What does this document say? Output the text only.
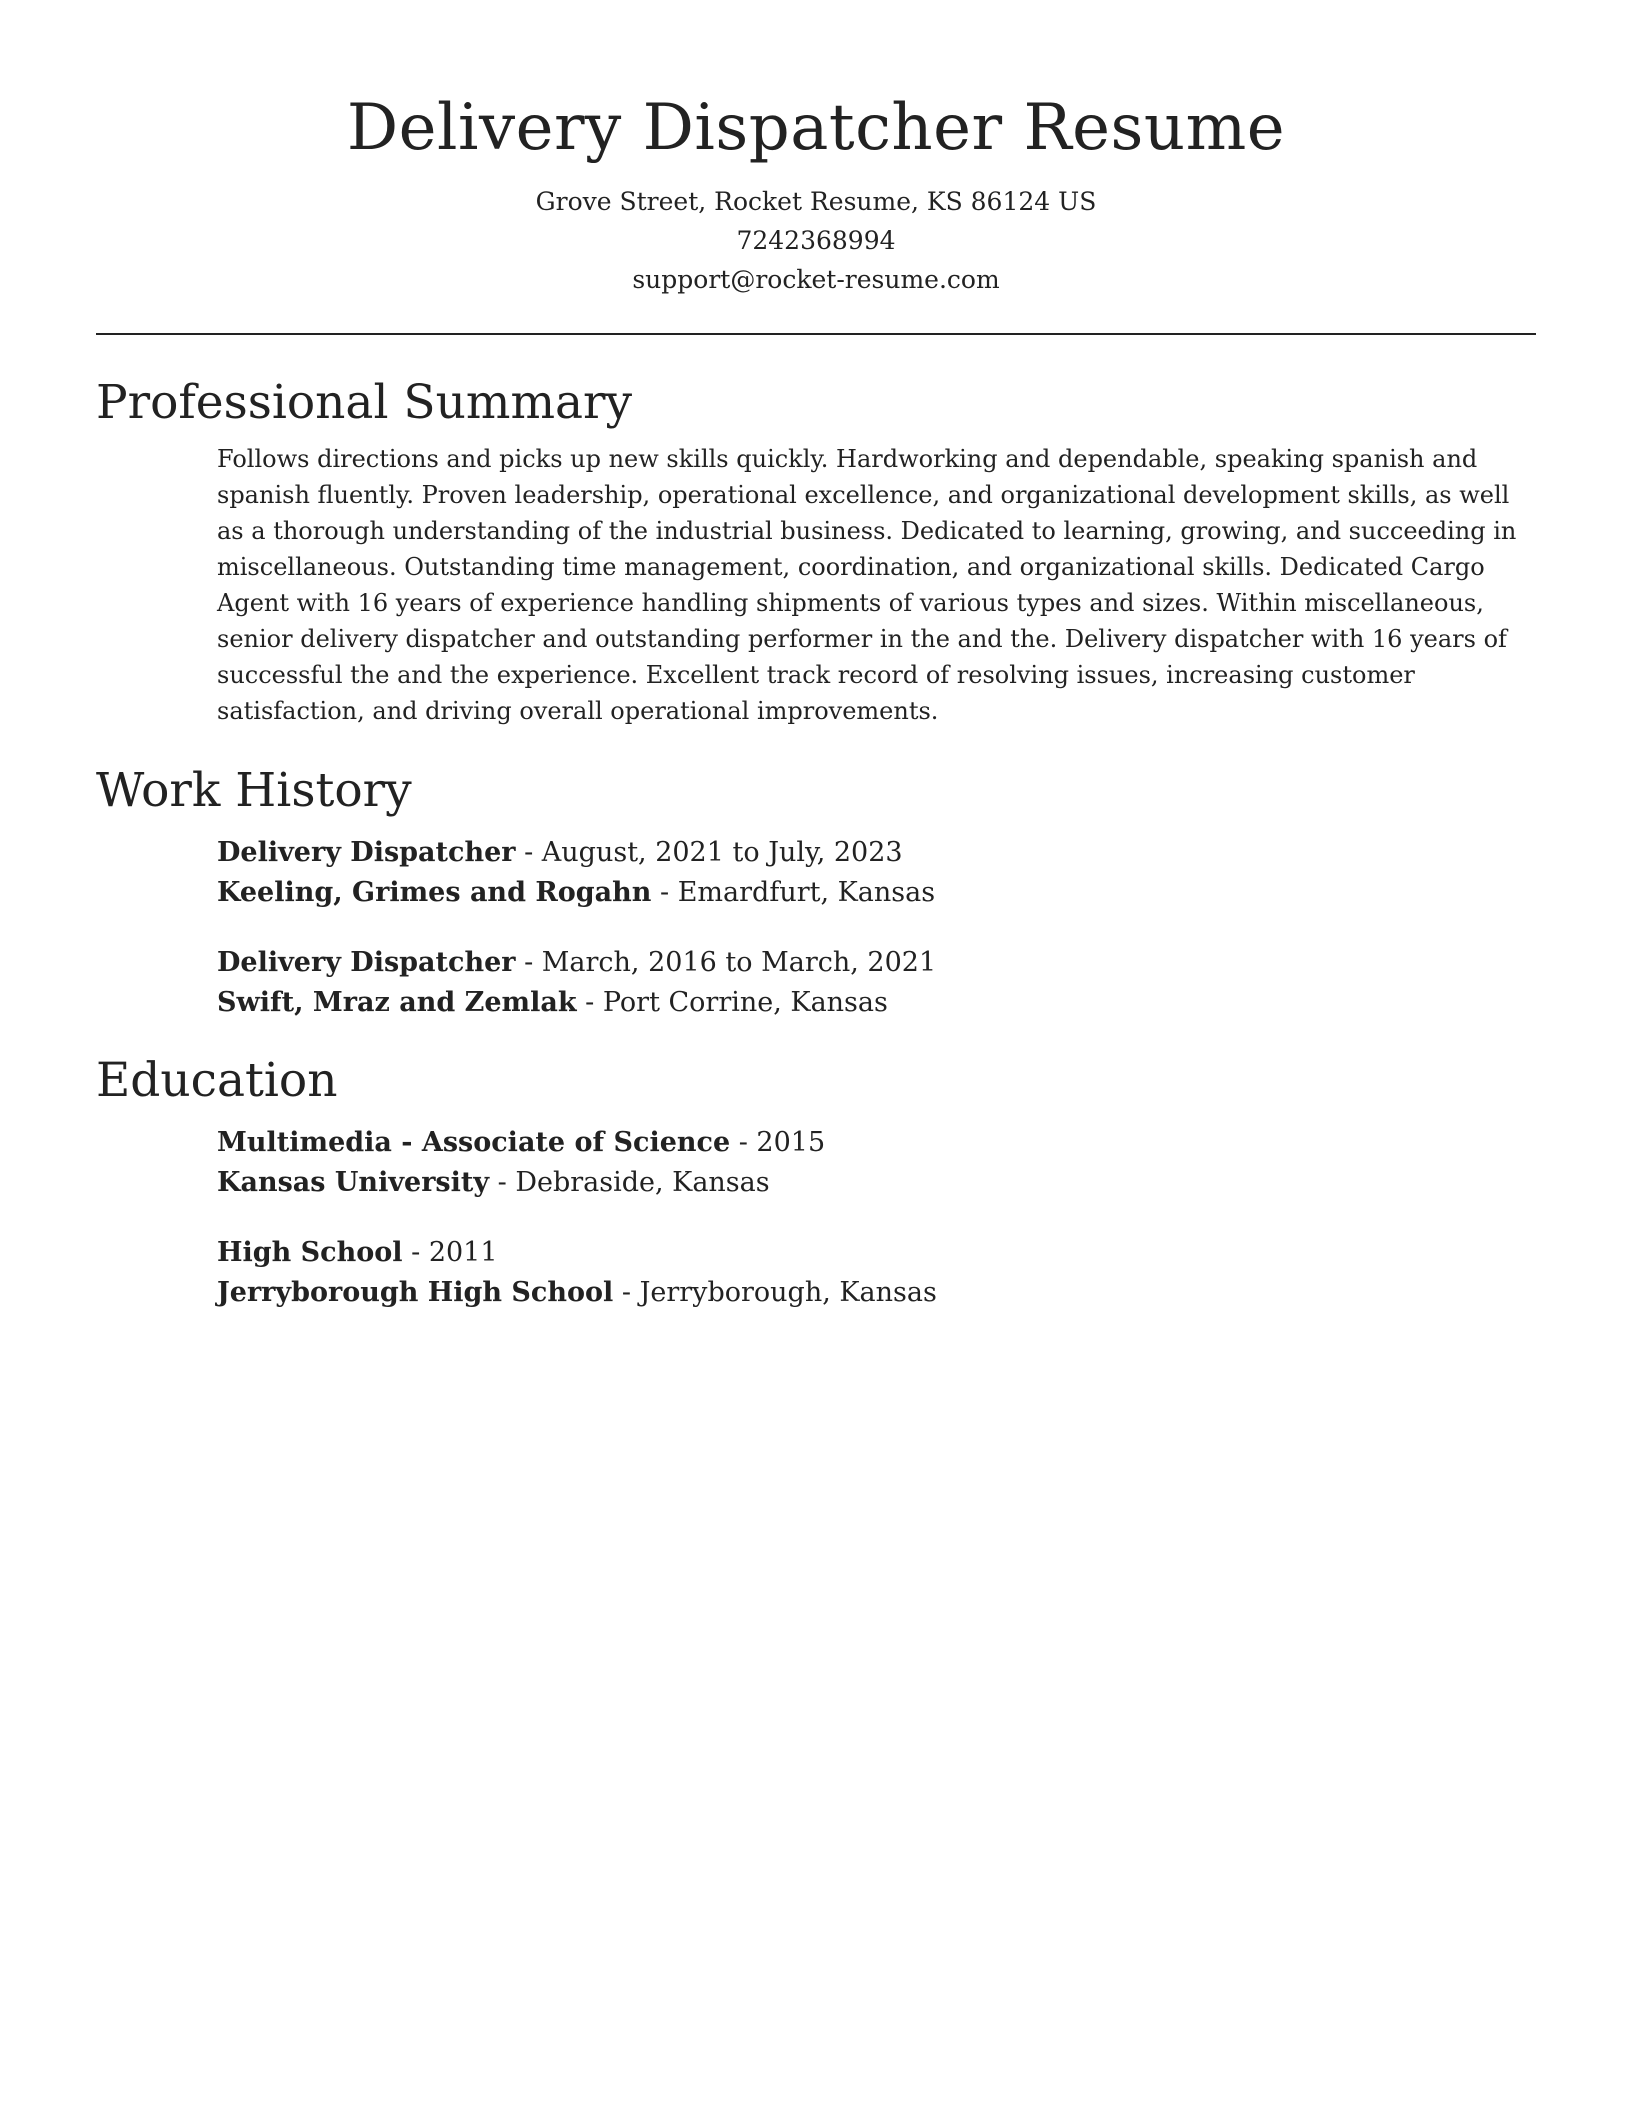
Delivery Dispatcher Resume
Grove Street, Rocket Resume, KS 86124 US
7242368994
support@rocket-resume.com
Professional Summary

Follows directions and picks up new skills quickly. Hardworking and dependable, speaking spanish and spanish fluently. Proven leadership, operational excellence, and organizational development skills, as well as a thorough understanding of the industrial business. Dedicated to learning, growing, and succeeding in miscellaneous. Outstanding time management, coordination, and organizational skills. Dedicated Cargo Agent with 16 years of experience handling shipments of various types and sizes. Within miscellaneous, senior delivery dispatcher and outstanding performer in the and the. Delivery dispatcher with 16 years of successful the and the experience. Excellent track record of resolving issues, increasing customer satisfaction, and driving overall operational improvements.

Work History
Delivery Dispatcher - August, 2021 to July, 2023
Keeling, Grimes and Rogahn - Emardfurt, Kansas
Delivery Dispatcher - March, 2016 to March, 2021
Swift, Mraz and Zemlak - Port Corrine, Kansas
Education
Multimedia - Associate of Science - 2015
Kansas University - Debraside, Kansas
High School - 2011
Jerryborough High School - Jerryborough, Kansas
